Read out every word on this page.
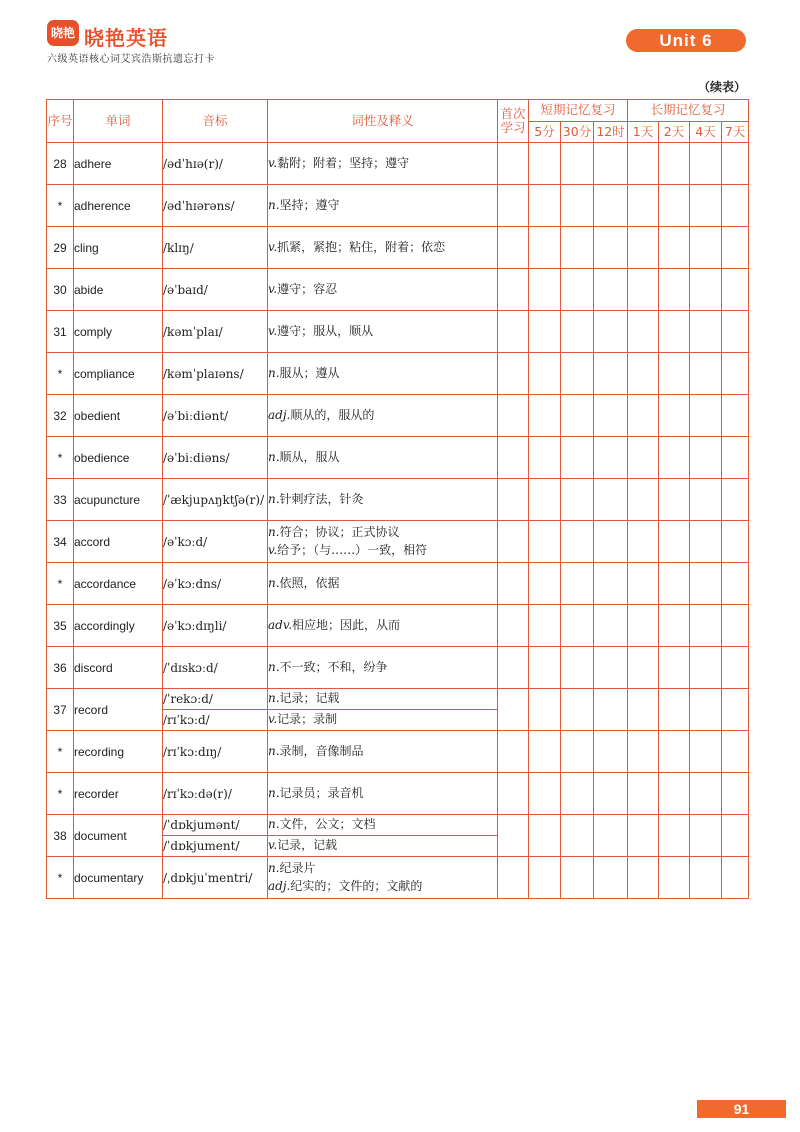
晓艳 晓艳英语
六级英语核心词艾宾浩斯抗遗忘打卡
Unit 6
（续表）
序号	单词	音标	词性及释义	首次学习	短期记忆复习			长期记忆复习			
					5分	30分	12时	1天	2天	4天	7天
28	adhere	/ədˈhɪə(r)/	v.黏附；附着；坚持；遵守								

*	adherence	/ədˈhɪərəns/	n.坚持；遵守								

29	cling	/klɪŋ/	v.抓紧，紧抱；粘住，附着；依恋								

30	abide	/əˈbaɪd/	v.遵守；容忍								

31	comply	/kəmˈplaɪ/	v.遵守；服从，顺从								

*	compliance	/kəmˈplaɪəns/	n.服从；遵从								

32	obedient	/əˈbiːdiənt/	adj.顺从的，服从的								

*	obedience	/əˈbiːdiəns/	n.顺从，服从								

33	acupuncture	/ˈækjupʌŋktʃə(r)/	n.针刺疗法，针灸								

34	accord	/əˈkɔːd/	n.符合；协议；正式协议
v.给予；（与……）一致，相符								

*	accordance	/əˈkɔːdns/	n.依照，依据								

35	accordingly	/əˈkɔːdɪŋli/	adv.相应地；因此，从而								

36	discord	/ˈdɪskɔːd/	n.不一致；不和，纷争								

37	record	/ˈrekɔːd/	n.记录；记载								
		/rɪˈkɔːd/	v.记录；录制								
*	recording	/rɪˈkɔːdɪŋ/	n.录制，音像制品								

*	recorder	/rɪˈkɔːdə(r)/	n.记录员；录音机								

38	document	/ˈdɒkjumənt/	n.文件，公文；文档								
		/ˈdɒkjument/	v.记录，记载								
*	documentary	/ˌdɒkjuˈmentri/	n.纪录片
adj.纪实的；文件的；文献的								

91
